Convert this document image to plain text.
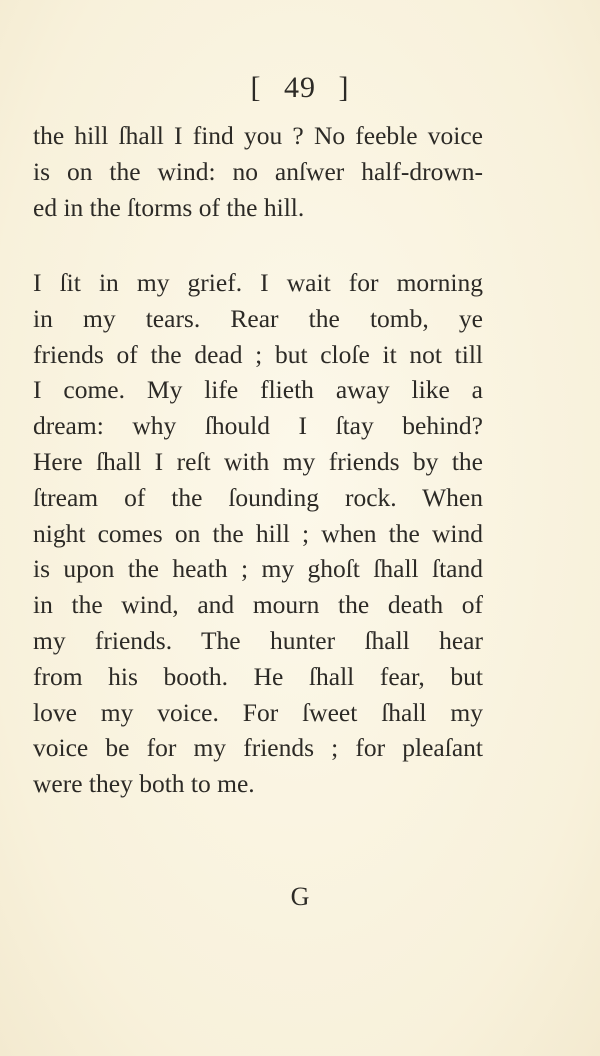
[ 49 ]
the hill ſhall I find you ? No feeble voice
is on the wind: no anſwer half-drown-
ed in the ſtorms of the hill.
I ſit in my grief. I wait for morning
in my tears. Rear the tomb, ye
friends of the dead ; but cloſe it not till
I come. My life flieth away like a
dream: why ſhould I ſtay behind?
Here ſhall I reſt with my friends by the
ſtream of the ſounding rock. When
night comes on the hill ; when the wind
is upon the heath ; my ghoſt ſhall ſtand
in the wind, and mourn the death of
my friends. The hunter ſhall hear
from his booth. He ſhall fear, but
love my voice. For ſweet ſhall my
voice be for my friends ; for pleaſant
were they both to me.
G
